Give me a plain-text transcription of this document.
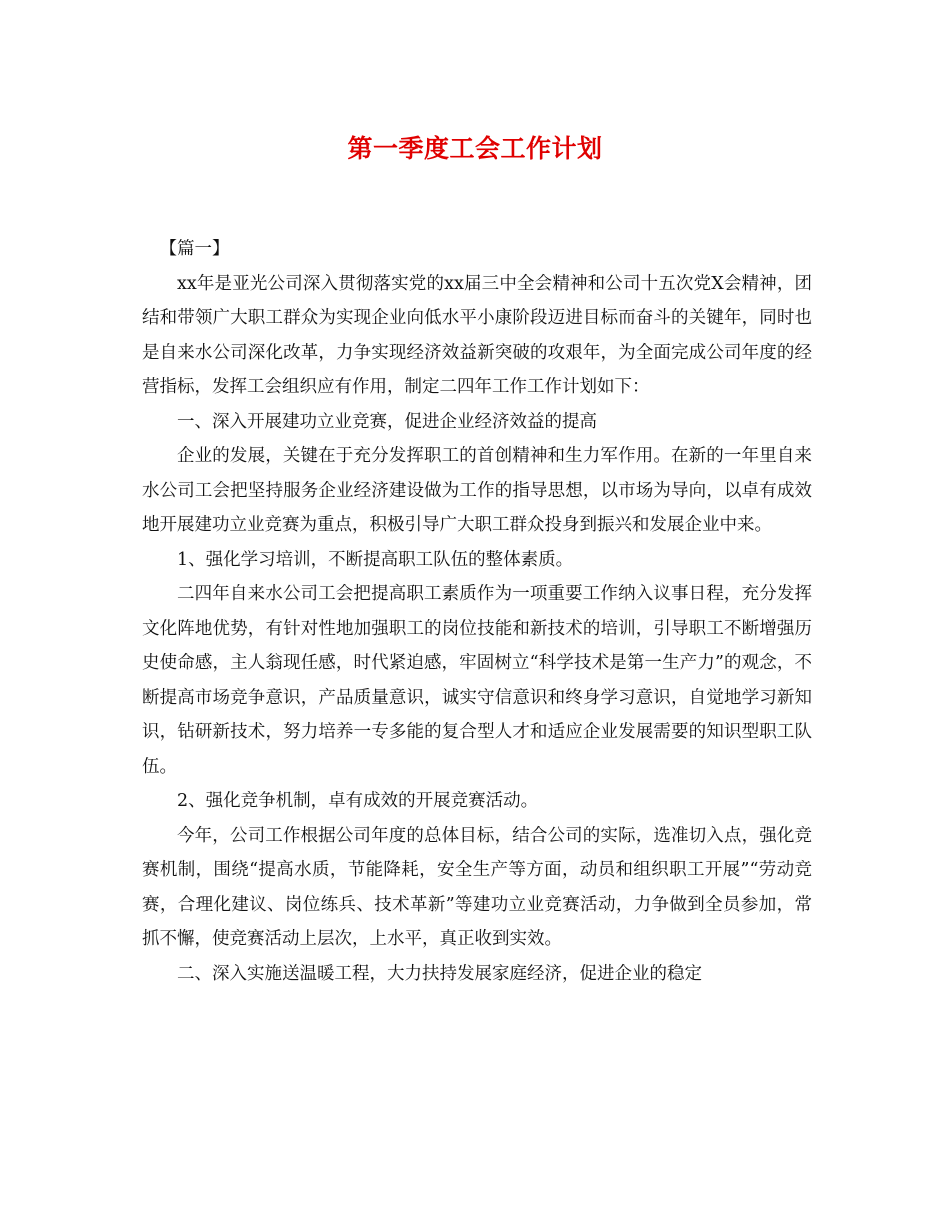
第一季度工会工作计划

【篇一】

xx年是亚光公司深入贯彻落实党的xx届三中全会精神和公司十五次党X会精神，团结和带领广大职工群众为实现企业向低水平小康阶段迈进目标而奋斗的关键年，同时也是自来水公司深化改革，力争实现经济效益新突破的攻艰年，为全面完成公司年度的经营指标，发挥工会组织应有作用，制定二四年工作工作计划如下：

一、深入开展建功立业竞赛，促进企业经济效益的提高

企业的发展，关键在于充分发挥职工的首创精神和生力军作用。在新的一年里自来水公司工会把坚持服务企业经济建设做为工作的指导思想，以市场为导向，以卓有成效地开展建功立业竞赛为重点，积极引导广大职工群众投身到振兴和发展企业中来。

1、强化学习培训，不断提高职工队伍的整体素质。

二四年自来水公司工会把提高职工素质作为一项重要工作纳入议事日程，充分发挥文化阵地优势，有针对性地加强职工的岗位技能和新技术的培训，引导职工不断增强历史使命感，主人翁现任感，时代紧迫感，牢固树立“科学技术是第一生产力”的观念，不断提高市场竞争意识，产品质量意识，诚实守信意识和终身学习意识，自觉地学习新知识，钻研新技术，努力培养一专多能的复合型人才和适应企业发展需要的知识型职工队伍。

2、强化竞争机制，卓有成效的开展竞赛活动。

今年，公司工作根据公司年度的总体目标，结合公司的实际，选准切入点，强化竞赛机制，围绕“提高水质，节能降耗，安全生产等方面，动员和组织职工开展”“劳动竞赛，合理化建议、岗位练兵、技术革新”等建功立业竞赛活动，力争做到全员参加，常抓不懈，使竞赛活动上层次，上水平，真正收到实效。

二、深入实施送温暖工程，大力扶持发展家庭经济，促进企业的稳定
